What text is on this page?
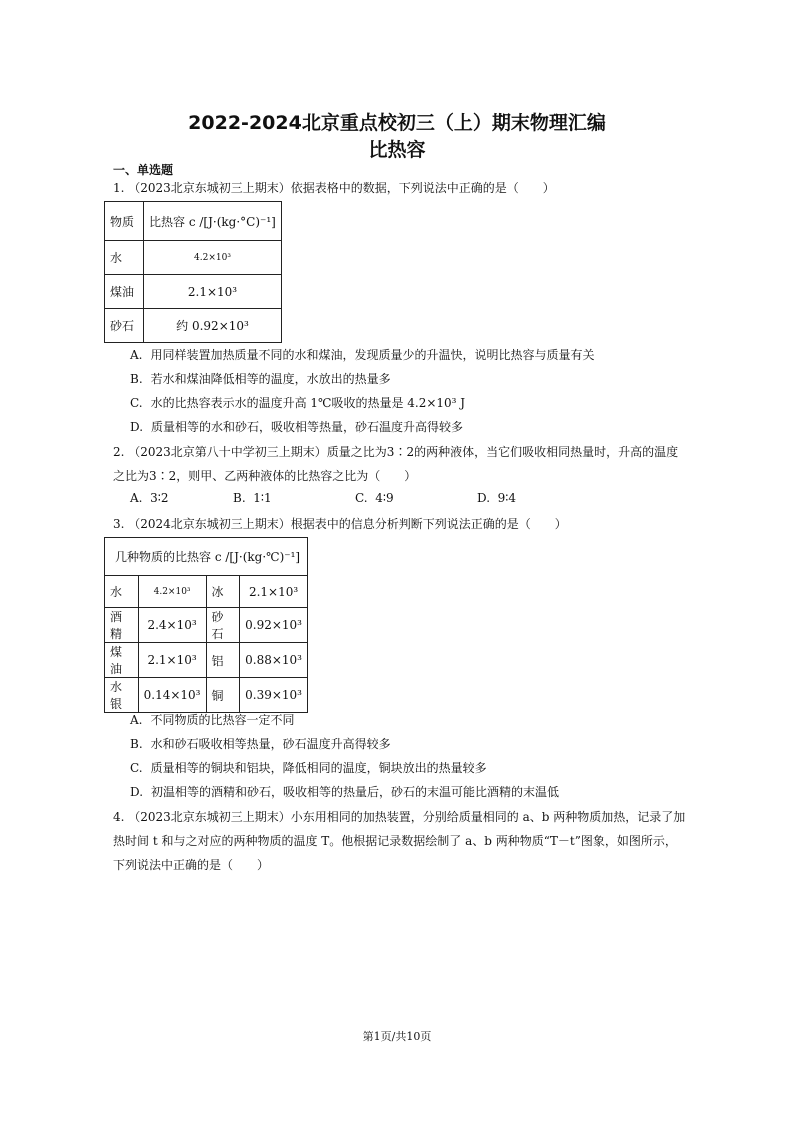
2022-2024北京重点校初三（上）期末物理汇编
比热容
一、单选题
1. （2023北京东城初三上期末）依据表格中的数据，下列说法中正确的是（　　）
物质	比热容 c /[J·(kg·°C)⁻¹]
水	4.2×10³
煤油	2.1×10³
砂石	约 0.92×10³
A. 用同样装置加热质量不同的水和煤油，发现质量少的升温快，说明比热容与质量有关
B. 若水和煤油降低相等的温度，水放出的热量多
C. 水的比热容表示水的温度升高 1℃吸收的热量是 4.2×10³ J
D. 质量相等的水和砂石，吸收相等热量，砂石温度升高得较多
2. （2023北京第八十中学初三上期末）质量之比为3∶2的两种液体，当它们吸收相同热量时，升高的温度
之比为3∶2，则甲、乙两种液体的比热容之比为（　　）
A. 3∶2	B. 1∶1	C. 4∶9	D. 9∶4
3. （2024北京东城初三上期末）根据表中的信息分析判断下列说法正确的是（　　）
几种物质的比热容 c /[J·(kg·℃)⁻¹]			
水	4.2×10³	冰	2.1×10³
酒精	2.4×10³	砂石	0.92×10³
煤油	2.1×10³	铝	0.88×10³
水银	0.14×10³	铜	0.39×10³
A. 不同物质的比热容一定不同
B. 水和砂石吸收相等热量，砂石温度升高得较多
C. 质量相等的铜块和铝块，降低相同的温度，铜块放出的热量较多
D. 初温相等的酒精和砂石，吸收相等的热量后，砂石的末温可能比酒精的末温低
4. （2023北京东城初三上期末）小东用相同的加热装置，分别给质量相同的 a、b 两种物质加热，记录了加
热时间 t 和与之对应的两种物质的温度 T。他根据记录数据绘制了 a、b 两种物质“T－t”图象，如图所示，
下列说法中正确的是（　　）
第1页/共10页
